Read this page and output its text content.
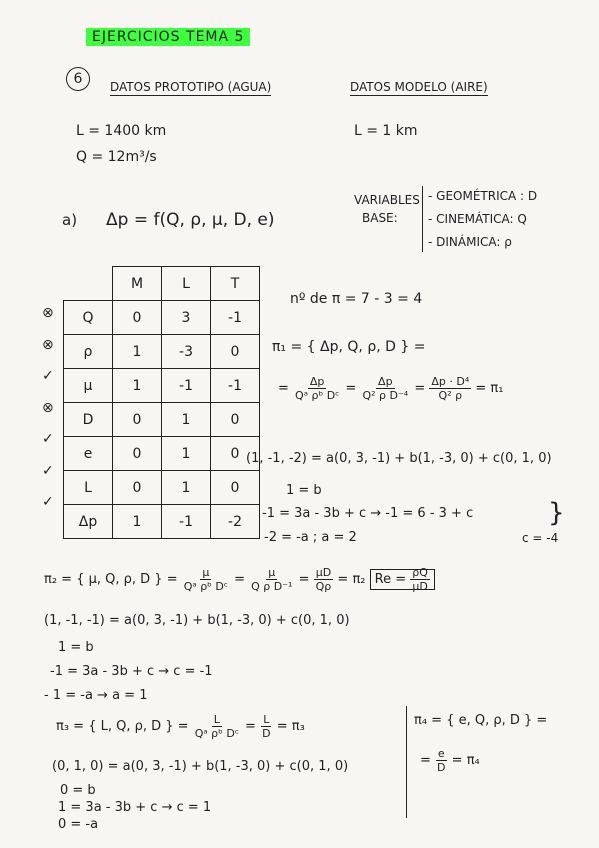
EJERCICIOS TEMA 5
6 DATOS PROTOTIPO (AGUA)	DATOS MODELO (AIRE)
L = 1400 km
Q = 12m³/s
L = 1 km
VARIABLES
BASE:
- GEOMÉTRICA : D
- CINEMÁTICA: Q
- DINÁMICA: ρ
a) Δp = f(Q, ρ, μ, D, e)
	M	L	T
Q	0	3	-1
ρ	1	-3	0
μ	1	-1	-1
D	0	1	0
e	0	1	0
L	0	1	0
Δp	1	-1	-2
⊗
⊗
✓
⊗
✓
✓
✓
nº de π = 7 - 3 = 4
π₁ = { Δp, Q, ρ, D } =
= $\frac{\Delta p}{\text{Qᵃ ρᵇ Dᶜ}} = \frac{\Delta p}{\text{Q² ρ D⁻⁴}} = \frac{\text{Δp · D⁴}}{\text{Q² ρ}} = \pi_1$
(1, -1, -2) = a(0, 3, -1) + b(1, -3, 0) + c(0, 1, 0)
1 = b
-1 = 3a - 3b + c → -1 = 6 - 3 + c	}
-2 = -a ; a = 2	c = -4
π₂ = { μ, Q, ρ, D } = $\frac{\mu}{\text{Qᵃ ρᵇ Dᶜ}} = \frac{\mu}{\text{Q ρ D⁻¹}} = \frac{\mu D}{Q\rho} = \pi_2$ $Re = \frac{\rho Q}{\mu D}$
(1, -1, -1) = a(0, 3, -1) + b(1, -3, 0) + c(0, 1, 0)
1 = b
-1 = 3a - 3b + c → c = -1
- 1 = -a → a = 1
π₃ = { L, Q, ρ, D } = $\frac{L}{\text{Qᵃ ρᵇ Dᶜ}} = \frac{L}{D} = \pi_3$
(0, 1, 0) = a(0, 3, -1) + b(1, -3, 0) + c(0, 1, 0)
0 = b
1 = 3a - 3b + c → c = 1
0 = -a
π₄ = { e, Q, ρ, D } =
= $\frac{e}{D} = \pi_4$
